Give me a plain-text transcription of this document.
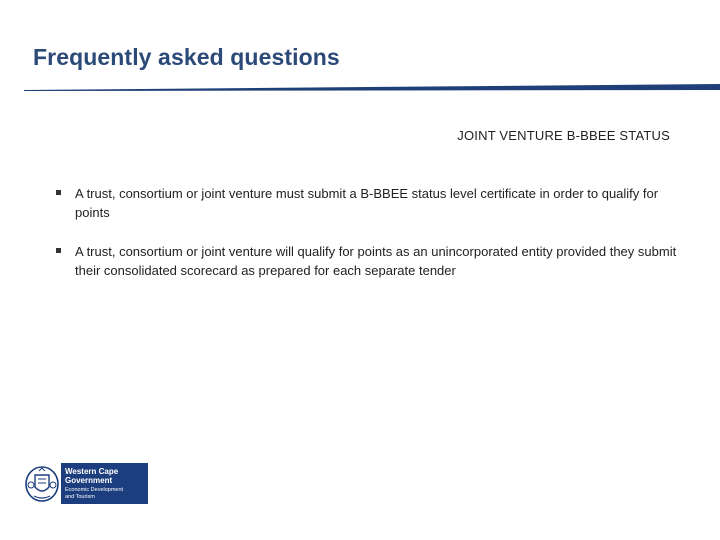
Frequently asked questions
JOINT VENTURE B-BBEE STATUS
A trust, consortium or joint venture must submit a B-BBEE status level certificate in order to qualify for points
A trust, consortium or joint venture will qualify for points as an unincorporated entity provided they submit their consolidated scorecard as prepared for each separate tender
Western Cape
Government
Economic Development
and Tourism
